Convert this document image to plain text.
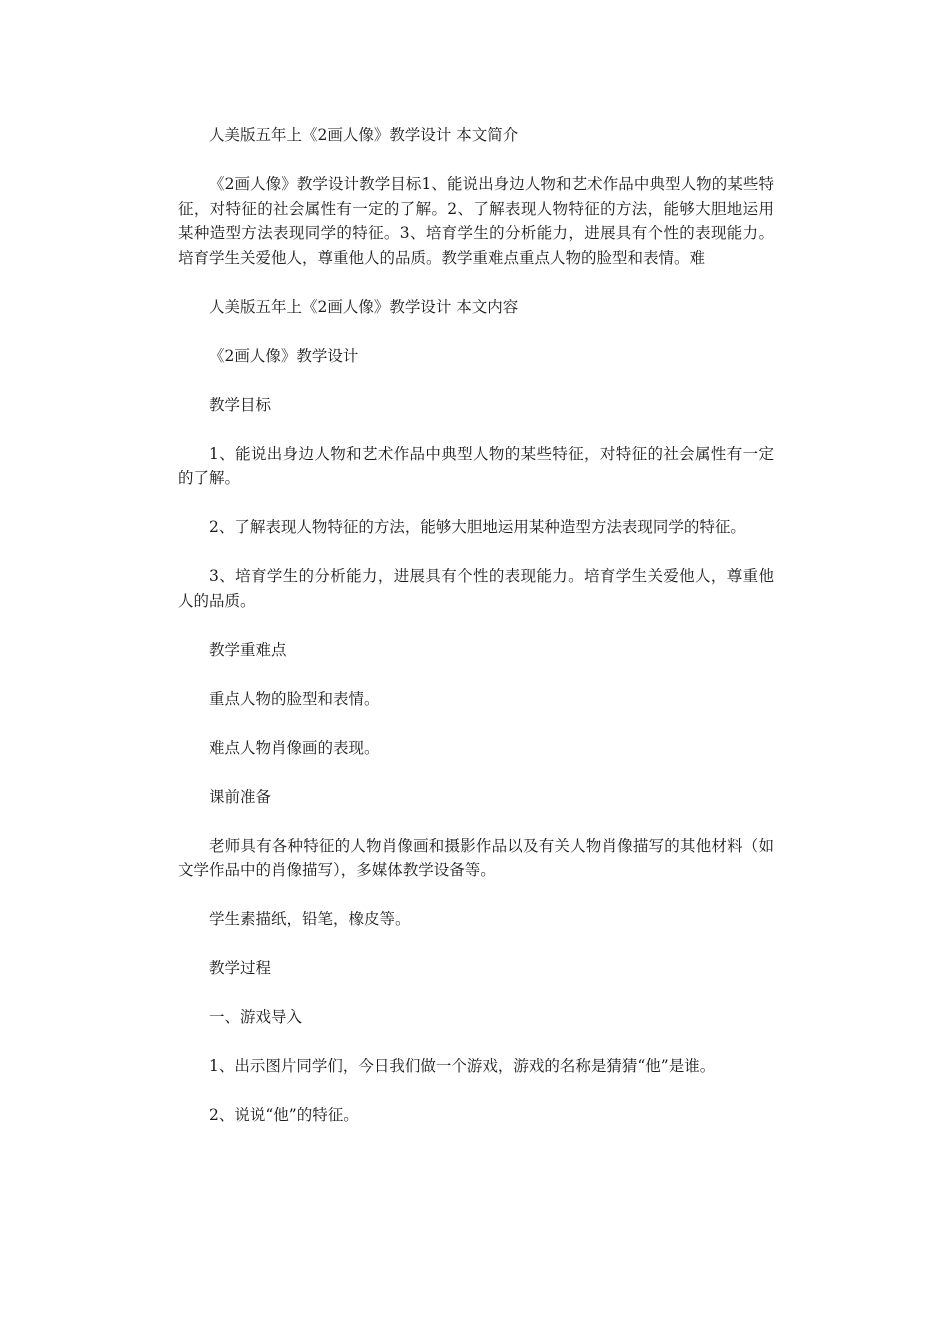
人美版五年上《2画人像》教学设计 本文简介

《2画人像》教学设计教学目标1、能说出身边人物和艺术作品中典型人物的某些特征，对特征的社会属性有一定的了解。2、了解表现人物特征的方法，能够大胆地运用某种造型方法表现同学的特征。3、培育学生的分析能力，进展具有个性的表现能力。培育学生关爱他人，尊重他人的品质。教学重难点重点人物的脸型和表情。难

人美版五年上《2画人像》教学设计 本文内容

《2画人像》教学设计

教学目标

1、能说出身边人物和艺术作品中典型人物的某些特征，对特征的社会属性有一定的了解。

2、了解表现人物特征的方法，能够大胆地运用某种造型方法表现同学的特征。

3、培育学生的分析能力，进展具有个性的表现能力。培育学生关爱他人，尊重他人的品质。

教学重难点

重点人物的脸型和表情。

难点人物肖像画的表现。

课前准备

老师具有各种特征的人物肖像画和摄影作品以及有关人物肖像描写的其他材料（如文学作品中的肖像描写），多媒体教学设备等。

学生素描纸，铅笔，橡皮等。

教学过程

一、游戏导入

1、出示图片同学们，今日我们做一个游戏，游戏的名称是猜猜“他”是谁。

2、说说“他”的特征。
